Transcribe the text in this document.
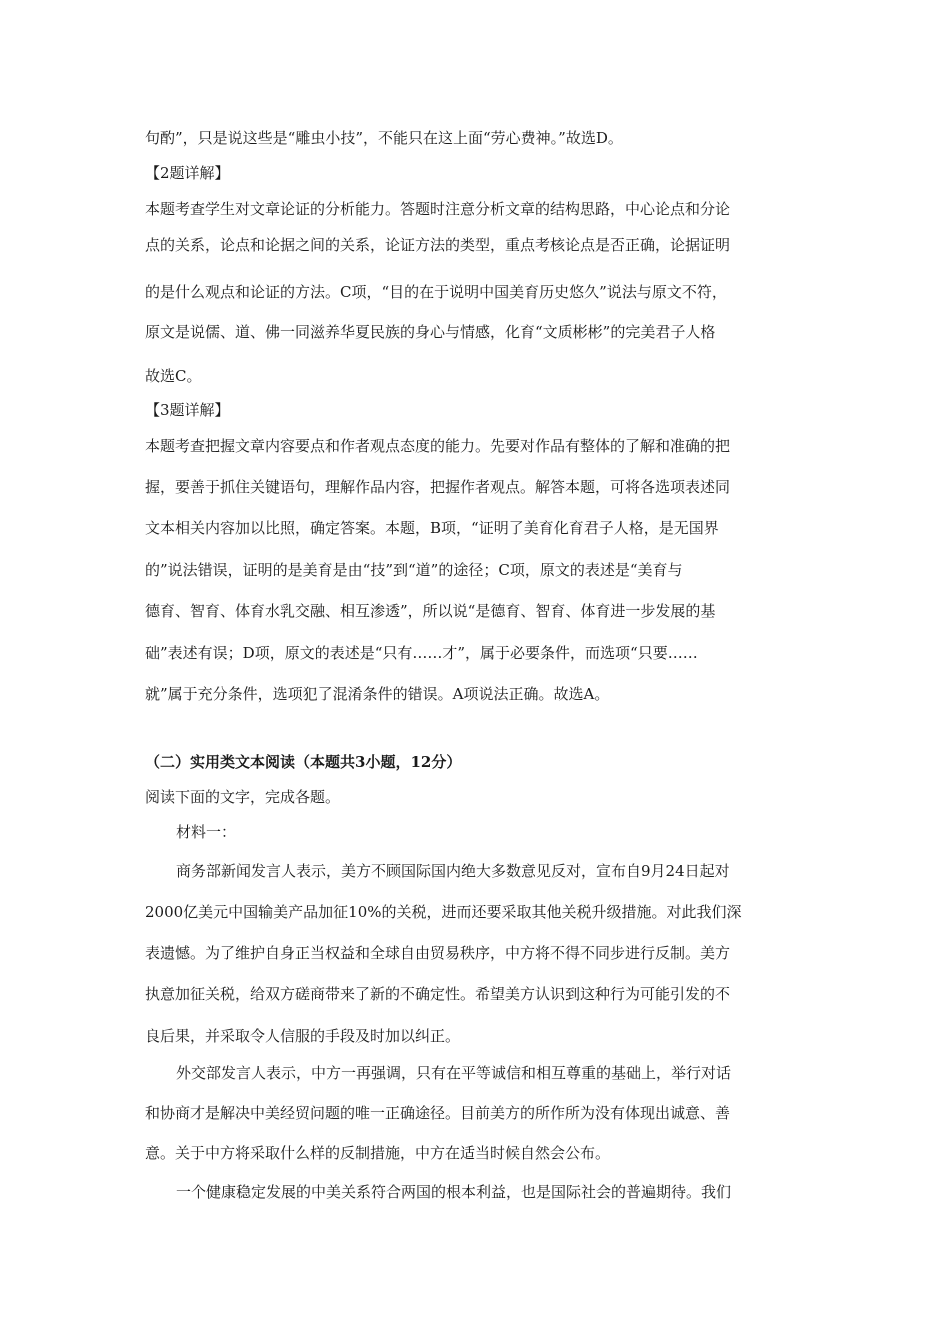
句酌”，只是说这些是“雕虫小技”，不能只在这上面“劳心费神。”故选D。
【2题详解】
本题考查学生对文章论证的分析能力。答题时注意分析文章的结构思路，中心论点和分论
点的关系，论点和论据之间的关系，论证方法的类型，重点考核论点是否正确，论据证明
的是什么观点和论证的方法。C项，“目的在于说明中国美育历史悠久”说法与原文不符，
原文是说儒、道、佛一同滋养华夏民族的身心与情感，化育“文质彬彬”的完美君子人格
故选C。
【3题详解】
本题考查把握文章内容要点和作者观点态度的能力。先要对作品有整体的了解和准确的把
握，要善于抓住关键语句，理解作品内容，把握作者观点。解答本题，可将各选项表述同
文本相关内容加以比照，确定答案。本题，B项，“证明了美育化育君子人格，是无国界
的”说法错误，证明的是美育是由“技”到“道”的途径；C项，原文的表述是“美育与
德育、智育、体育水乳交融、相互渗透”，所以说“是德育、智育、体育进一步发展的基
础”表述有误；D项，原文的表述是“只有……才”，属于必要条件，而选项“只要……
就”属于充分条件，选项犯了混淆条件的错误。A项说法正确。故选A。
（二）实用类文本阅读（本题共3小题，12分）
阅读下面的文字，完成各题。
材料一：
商务部新闻发言人表示，美方不顾国际国内绝大多数意见反对，宣布自9月24日起对
2000亿美元中国输美产品加征10%的关税，进而还要采取其他关税升级措施。对此我们深
表遗憾。为了维护自身正当权益和全球自由贸易秩序，中方将不得不同步进行反制。美方
执意加征关税，给双方磋商带来了新的不确定性。希望美方认识到这种行为可能引发的不
良后果，并采取令人信服的手段及时加以纠正。
外交部发言人表示，中方一再强调，只有在平等诚信和相互尊重的基础上，举行对话
和协商才是解决中美经贸问题的唯一正确途径。目前美方的所作所为没有体现出诚意、善
意。关于中方将采取什么样的反制措施，中方在适当时候自然会公布。
一个健康稳定发展的中美关系符合两国的根本利益，也是国际社会的普遍期待。我们
